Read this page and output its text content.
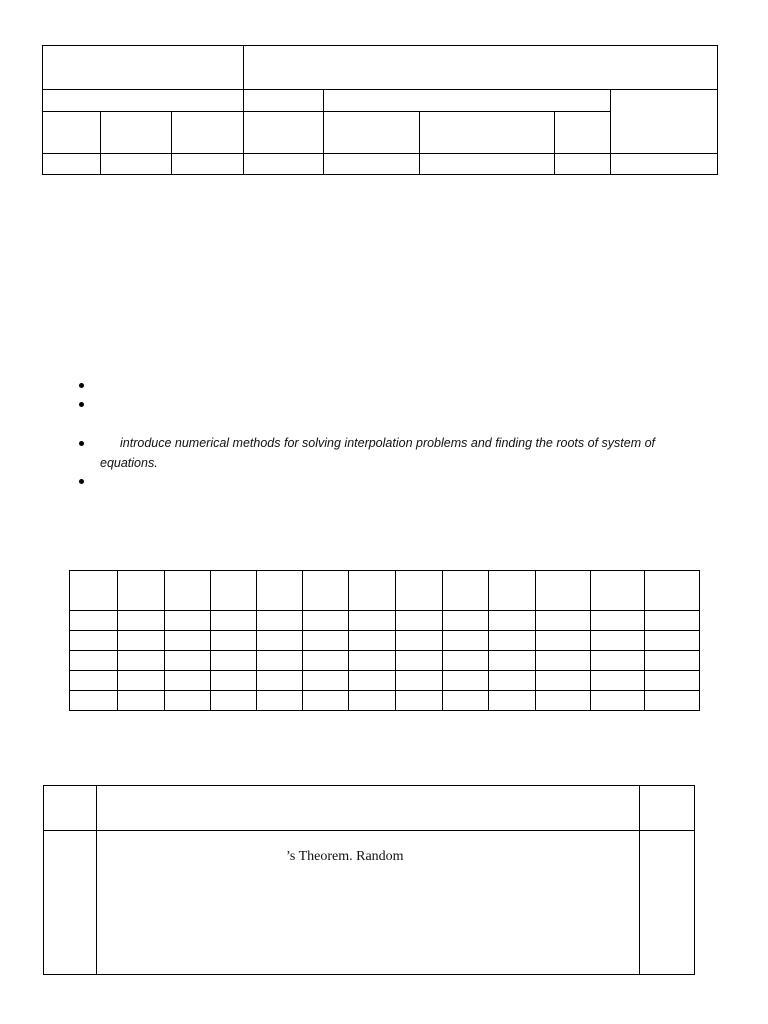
introduce numerical methods for solving interpolation problems and finding the roots of system of
equations.

’s Theorem. Random
